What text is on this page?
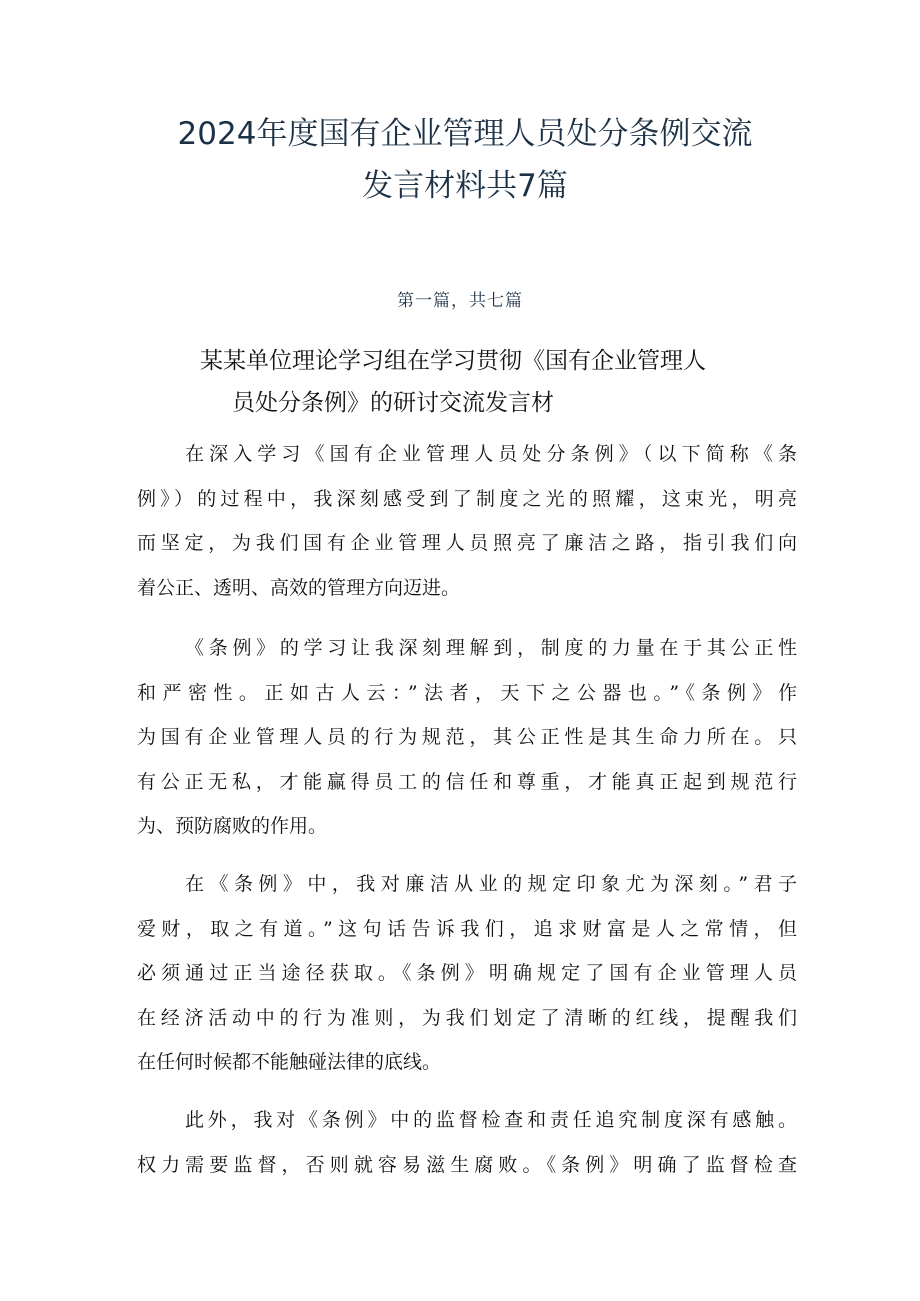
2024年度国有企业管理人员处分条例交流
发言材料共7篇
第一篇，共七篇
某某单位理论学习组在学习贯彻《国有企业管理人
员处分条例》的研讨交流发言材
在深入学习《国有企业管理人员处分条例》（以下简称《条
例》）的过程中，我深刻感受到了制度之光的照耀，这束光，明亮
而坚定，为我们国有企业管理人员照亮了廉洁之路，指引我们向
着公正、透明、高效的管理方向迈进。
《条例》的学习让我深刻理解到，制度的力量在于其公正性
和严密性。正如古人云：”法者，天下之公器也。”《条例》作
为国有企业管理人员的行为规范，其公正性是其生命力所在。只
有公正无私，才能赢得员工的信任和尊重，才能真正起到规范行
为、预防腐败的作用。
在《条例》中，我对廉洁从业的规定印象尤为深刻。”君子
爱财，取之有道。”这句话告诉我们，追求财富是人之常情，但
必须通过正当途径获取。《条例》明确规定了国有企业管理人员
在经济活动中的行为准则，为我们划定了清晰的红线，提醒我们
在任何时候都不能触碰法律的底线。
此外，我对《条例》中的监督检查和责任追究制度深有感触。
权力需要监督，否则就容易滋生腐败。《条例》明确了监督检查
